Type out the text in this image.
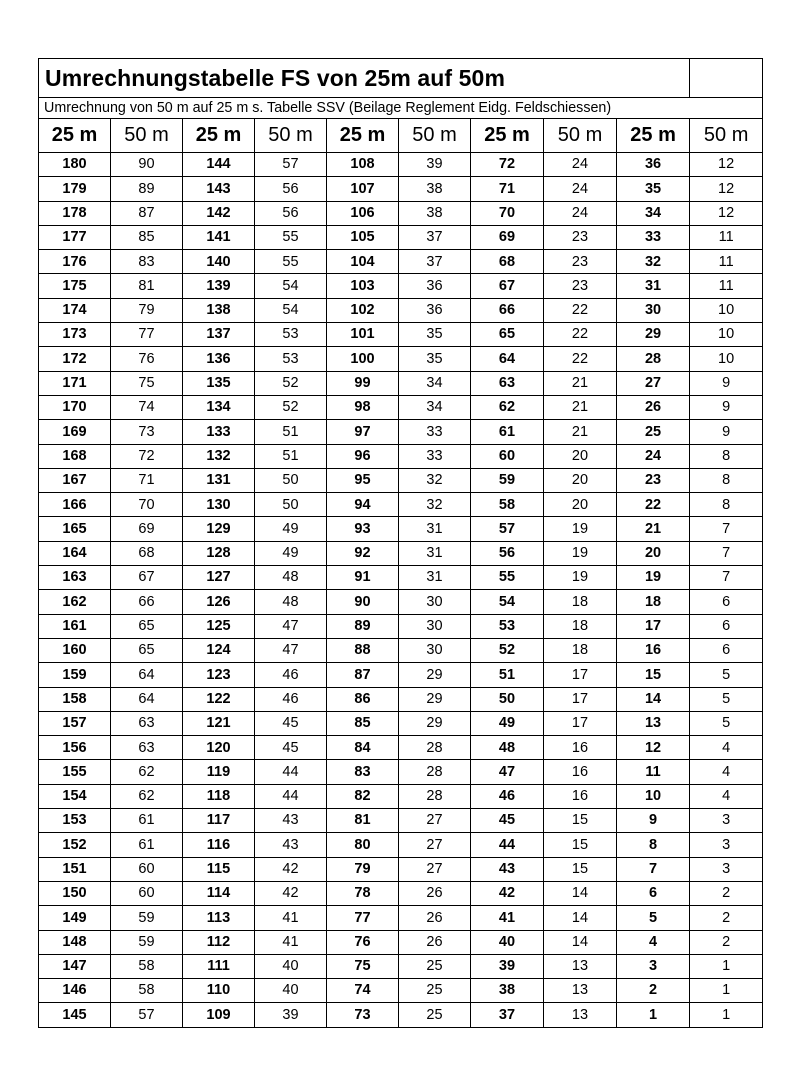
Umrechnungstabelle FS von 25m auf 50m									
Umrechnung von 50 m auf 25 m s. Tabelle SSV (Beilage Reglement Eidg. Feldschiessen)									
25 m	50 m	25 m	50 m	25 m	50 m	25 m	50 m	25 m	50 m
180	90	144	57	108	39	72	24	36	12
179	89	143	56	107	38	71	24	35	12
178	87	142	56	106	38	70	24	34	12
177	85	141	55	105	37	69	23	33	11
176	83	140	55	104	37	68	23	32	11
175	81	139	54	103	36	67	23	31	11
174	79	138	54	102	36	66	22	30	10
173	77	137	53	101	35	65	22	29	10
172	76	136	53	100	35	64	22	28	10
171	75	135	52	99	34	63	21	27	9
170	74	134	52	98	34	62	21	26	9
169	73	133	51	97	33	61	21	25	9
168	72	132	51	96	33	60	20	24	8
167	71	131	50	95	32	59	20	23	8
166	70	130	50	94	32	58	20	22	8
165	69	129	49	93	31	57	19	21	7
164	68	128	49	92	31	56	19	20	7
163	67	127	48	91	31	55	19	19	7
162	66	126	48	90	30	54	18	18	6
161	65	125	47	89	30	53	18	17	6
160	65	124	47	88	30	52	18	16	6
159	64	123	46	87	29	51	17	15	5
158	64	122	46	86	29	50	17	14	5
157	63	121	45	85	29	49	17	13	5
156	63	120	45	84	28	48	16	12	4
155	62	119	44	83	28	47	16	11	4
154	62	118	44	82	28	46	16	10	4
153	61	117	43	81	27	45	15	9	3
152	61	116	43	80	27	44	15	8	3
151	60	115	42	79	27	43	15	7	3
150	60	114	42	78	26	42	14	6	2
149	59	113	41	77	26	41	14	5	2
148	59	112	41	76	26	40	14	4	2
147	58	111	40	75	25	39	13	3	1
146	58	110	40	74	25	38	13	2	1
145	57	109	39	73	25	37	13	1	1
